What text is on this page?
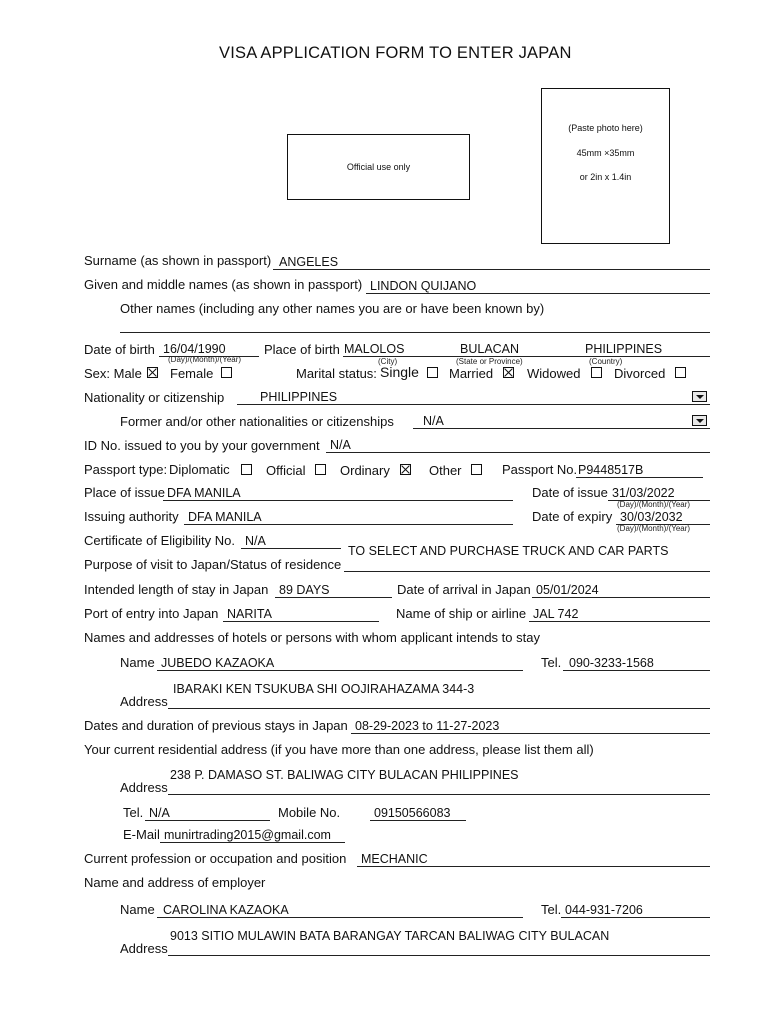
VISA APPLICATION FORM TO ENTER JAPAN
Official use only
(Paste photo here)
45mm ×35mm
or 2in x 1.4in
Surname (as shown in passport) ANGELES
Given and middle names (as shown in passport) LINDON QUIJANO
Other names (including any other names you are or have been known by)
Date of birth 16/04/1990
(Day)/(Month)/(Year)
Place of birth MALOLOS	BULACAN	PHILIPPINES
(City)	(State or Province)	(Country)
Sex: Male Female	Marital status: Single Married	Widowed	Divorced
Nationality or citizenship	PHILIPPINES
Former and/or other nationalities or citizenships N/A
ID No. issued to you by your government N/A
Passport type: Diplomatic	Official	Ordinary	Other	Passport No. P9448517B
Place of issue DFA MANILA	Date of issue 31/03/2022
(Day)/(Month)/(Year)
Issuing authority DFA MANILA	Date of expiry 30/03/2032
(Day)/(Month)/(Year)
Certificate of Eligibility No. N/A
TO SELECT AND PURCHASE TRUCK AND CAR PARTS
Purpose of visit to Japan/Status of residence
Intended length of stay in Japan 89 DAYS	Date of arrival in Japan 05/01/2024
Port of entry into Japan NARITA	Name of ship or airline JAL 742
Names and addresses of hotels or persons with whom applicant intends to stay
Name JUBEDO KAZAOKA	Tel. 090-3233-1568
IBARAKI KEN TSUKUBA SHI OOJIRAHAZAMA 344-3
Address
Dates and duration of previous stays in Japan 08-29-2023 to 11-27-2023
Your current residential address (if you have more than one address, please list them all)
238 P. DAMASO ST. BALIWAG CITY BULACAN PHILIPPINES
Address
Tel. N/A	Mobile No.	09150566083
E-Mail munirtrading2015@gmail.com
Current profession or occupation and position MECHANIC
Name and address of employer
Name CAROLINA KAZAOKA	Tel. 044-931-7206
9013 SITIO MULAWIN BATA BARANGAY TARCAN BALIWAG CITY BULACAN
Address
